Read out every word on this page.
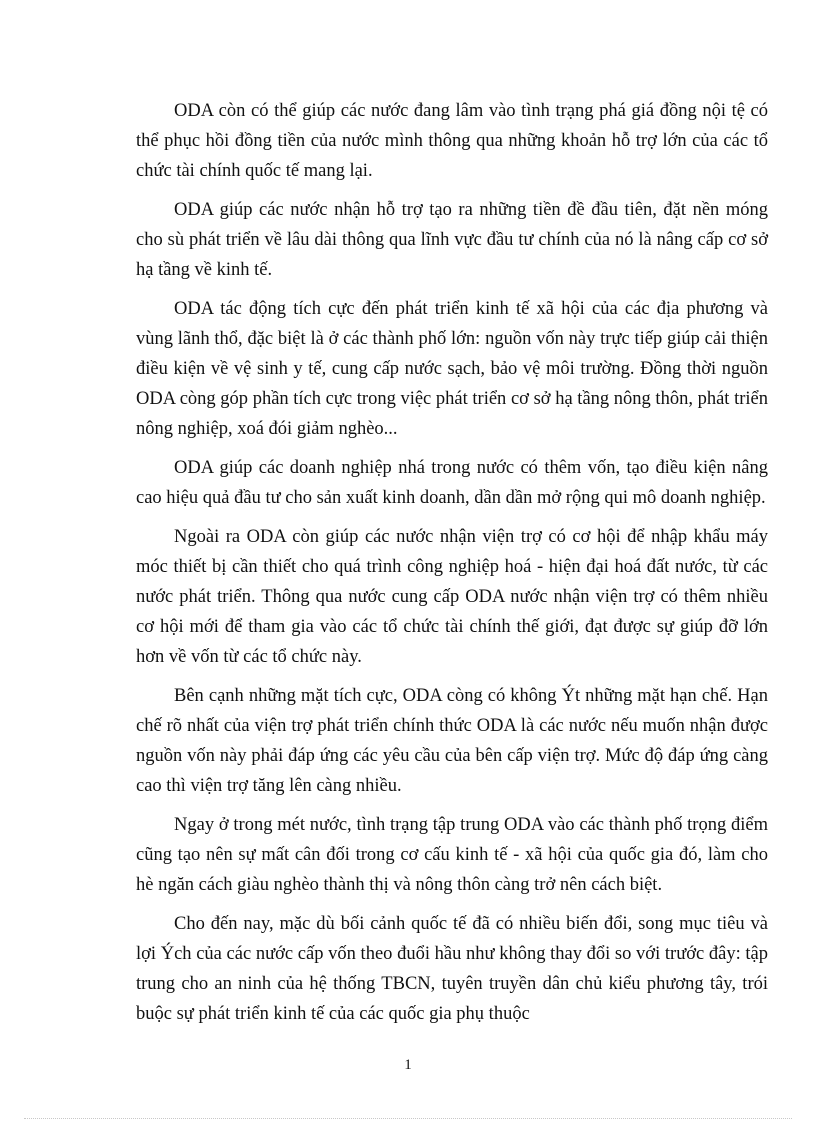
ODA còn có thể giúp các nước đang lâm vào tình trạng phá giá đồng nội tệ có thể phục hồi đồng tiền của nước mình thông qua những khoản hỗ trợ lớn của các tổ chức tài chính quốc tế mang lại.

ODA giúp các nước nhận hỗ trợ tạo ra những tiền đề đầu tiên, đặt nền móng cho sù phát triển về lâu dài thông qua lĩnh vực đầu tư chính của nó là nâng cấp cơ sở hạ tầng về kinh tế.

ODA tác động tích cực đến phát triển kinh tế xã hội của các địa phương và vùng lãnh thổ, đặc biệt là ở các thành phố lớn: nguồn vốn này trực tiếp giúp cải thiện điều kiện về vệ sinh y tế, cung cấp nước sạch, bảo vệ môi trường. Đồng thời nguồn ODA còng góp phần tích cực trong việc phát triển cơ sở hạ tầng nông thôn, phát triển nông nghiệp, xoá đói giảm nghèo...

ODA giúp các doanh nghiệp nhá trong nước có thêm vốn, tạo điều kiện nâng cao hiệu quả đầu tư cho sản xuất kinh doanh, dần dần mở rộng qui mô doanh nghiệp.

Ngoài ra ODA còn giúp các nước nhận viện trợ có cơ hội để nhập khẩu máy móc thiết bị cần thiết cho quá trình công nghiệp hoá - hiện đại hoá đất nước, từ các nước phát triển. Thông qua nước cung cấp ODA nước nhận viện trợ có thêm nhiều cơ hội mới để tham gia vào các tổ chức tài chính thế giới, đạt được sự giúp đỡ lớn hơn về vốn từ các tổ chức này.

Bên cạnh những mặt tích cực, ODA còng có không Ýt những mặt hạn chế. Hạn chế rõ nhất của viện trợ phát triển chính thức ODA là các nước nếu muốn nhận được nguồn vốn này phải đáp ứng các yêu cầu của bên cấp viện trợ. Mức độ đáp ứng càng cao thì viện trợ tăng lên càng nhiều.

Ngay ở trong mét nước, tình trạng tập trung ODA vào các thành phố trọng điểm cũng tạo nên sự mất cân đối trong cơ cấu kinh tế - xã hội của quốc gia đó, làm cho hè ngăn cách giàu nghèo thành thị và nông thôn càng trở nên cách biệt.

Cho đến nay, mặc dù bối cảnh quốc tế đã có nhiều biến đổi, song mục tiêu và lợi Ých của các nước cấp vốn theo đuổi hầu như không thay đổi so với trước đây: tập trung cho an ninh của hệ thống TBCN, tuyên truyền dân chủ kiểu phương tây, trói buộc sự phát triển kinh tế của các quốc gia phụ thuộc

1
